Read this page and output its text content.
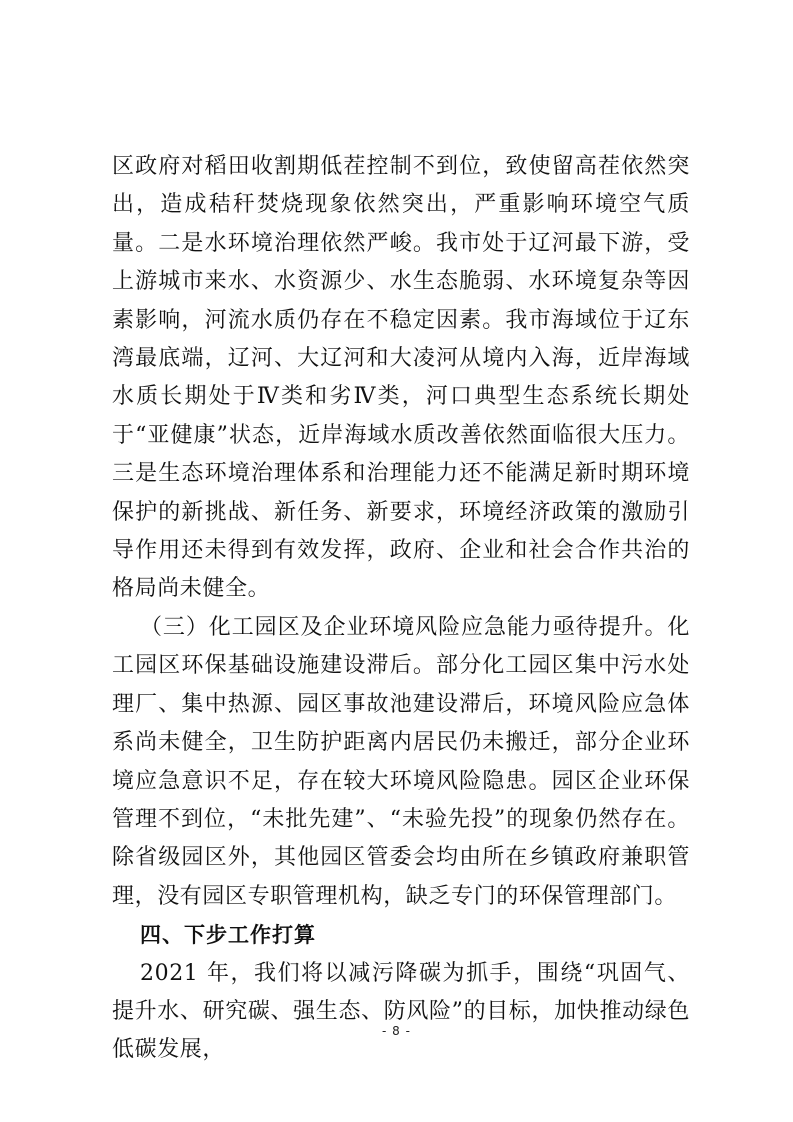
区政府对稻田收割期低茬控制不到位，致使留高茬依然突出，造成秸秆焚烧现象依然突出，严重影响环境空气质量。二是水环境治理依然严峻。我市处于辽河最下游，受上游城市来水、水资源少、水生态脆弱、水环境复杂等因素影响，河流水质仍存在不稳定因素。我市海域位于辽东湾最底端，辽河、大辽河和大凌河从境内入海，近岸海域水质长期处于Ⅳ类和劣Ⅳ类，河口典型生态系统长期处于“亚健康”状态，近岸海域水质改善依然面临很大压力。三是生态环境治理体系和治理能力还不能满足新时期环境保护的新挑战、新任务、新要求，环境经济政策的激励引导作用还未得到有效发挥，政府、企业和社会合作共治的格局尚未健全。

（三）化工园区及企业环境风险应急能力亟待提升。化工园区环保基础设施建设滞后。部分化工园区集中污水处理厂、集中热源、园区事故池建设滞后，环境风险应急体系尚未健全，卫生防护距离内居民仍未搬迁，部分企业环境应急意识不足，存在较大环境风险隐患。园区企业环保管理不到位，“未批先建”、“未验先投”的现象仍然存在。除省级园区外，其他园区管委会均由所在乡镇政府兼职管理，没有园区专职管理机构，缺乏专门的环保管理部门。

四、下步工作打算

2021 年，我们将以减污降碳为抓手，围绕“巩固气、提升水、研究碳、强生态、防风险”的目标，加快推动绿色低碳发展，

- 8 -
